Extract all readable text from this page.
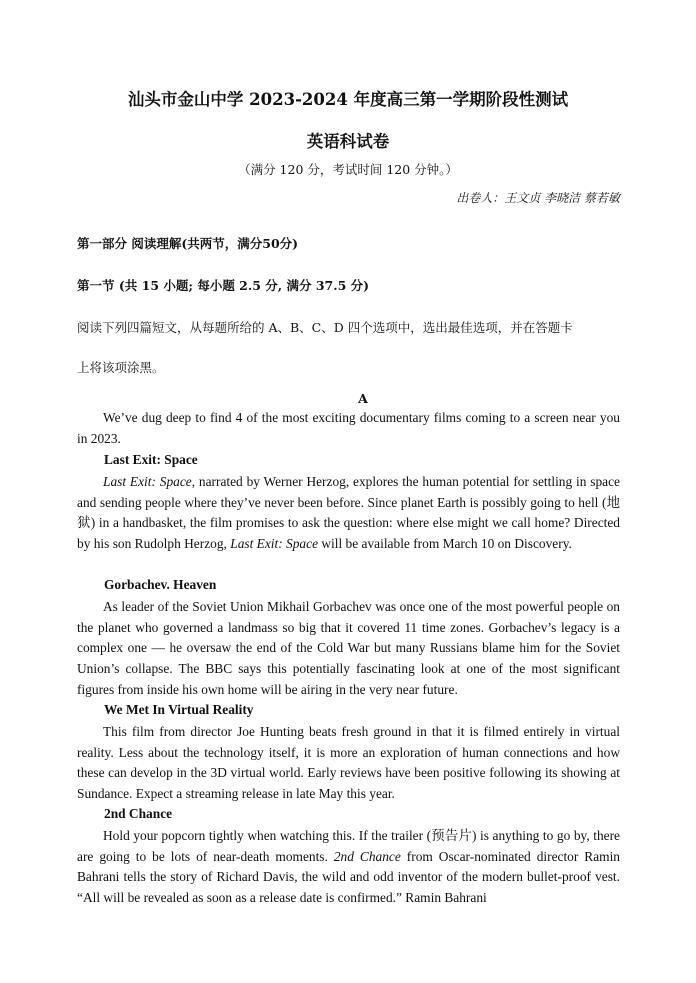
汕头市金山中学 2023-2024 年度高三第一学期阶段性测试
英语科试卷
（满分 120 分，考试时间 120 分钟。）
出卷人：王文贞 李晓洁 蔡若敏
第一部分 阅读理解(共两节，满分50分)
第一节 (共 15 小题; 每小题 2.5 分, 满分 37.5 分)
阅读下列四篇短文，从每题所给的 A、B、C、D 四个选项中，选出最佳选项，并在答题卡
上将该项涂黑。
A
We’ve dug deep to find 4 of the most exciting documentary films coming to a screen near you in 2023.
Last Exit: Space
Last Exit: Space, narrated by Werner Herzog, explores the human potential for settling in space and sending people where they’ve never been before. Since planet Earth is possibly going to hell (地狱) in a handbasket, the film promises to ask the question: where else might we call home? Directed by his son Rudolph Herzog, Last Exit: Space will be available from March 10 on Discovery.
Gorbachev. Heaven
As leader of the Soviet Union Mikhail Gorbachev was once one of the most powerful people on the planet who governed a landmass so big that it covered 11 time zones. Gorbachev’s legacy is a complex one — he oversaw the end of the Cold War but many Russians blame him for the Soviet Union’s collapse. The BBC says this potentially fascinating look at one of the most significant figures from inside his own home will be airing in the very near future.
We Met In Virtual Reality
This film from director Joe Hunting beats fresh ground in that it is filmed entirely in virtual reality. Less about the technology itself, it is more an exploration of human connections and how these can develop in the 3D virtual world. Early reviews have been positive following its showing at Sundance. Expect a streaming release in late May this year.
2nd Chance
Hold your popcorn tightly when watching this. If the trailer (预告片) is anything to go by, there are going to be lots of near-death moments. 2nd Chance from Oscar-nominated director Ramin Bahrani tells the story of Richard Davis, the wild and odd inventor of the modern bullet-proof vest. “All will be revealed as soon as a release date is confirmed.” Ramin Bahrani
